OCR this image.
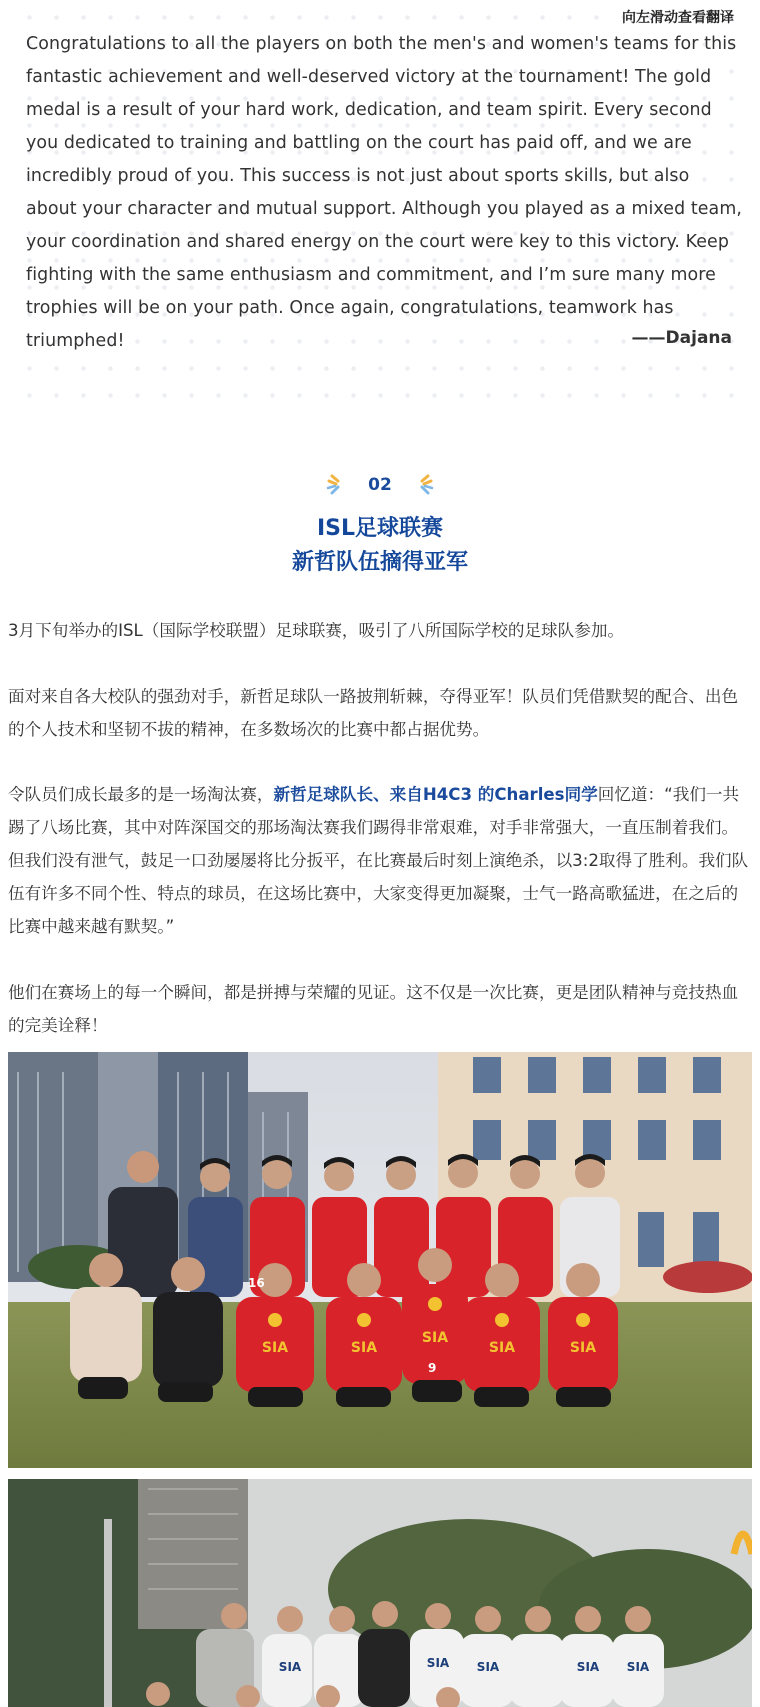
向左滑动查看翻译
Congratulations to all the players on both the men's and women's teams for this fantastic achievement and well-deserved victory at the tournament! The gold medal is a result of your hard work, dedication, and team spirit. Every second you dedicated to training and battling on the court has paid off, and we are incredibly proud of you. This success is not just about sports skills, but also about your character and mutual support. Although you played as a mixed team, your coordination and shared energy on the court were key to this victory. Keep fighting with the same enthusiasm and commitment, and I’m sure many more trophies will be on your path. Once again, congratulations, teamwork has triumphed!	——Dajana
02
ISL足球联赛
新哲队伍摘得亚军
3月下旬举办的ISL（国际学校联盟）足球联赛，吸引了八所国际学校的足球队参加。
面对来自各大校队的强劲对手，新哲足球队一路披荆斩棘，夺得亚军！队员们凭借默契的配合、出色的个人技术和坚韧不拔的精神，在多数场次的比赛中都占据优势。
令队员们成长最多的是一场淘汰赛，新哲足球队长、来自H4C3 的Charles同学回忆道：“我们一共踢了八场比赛，其中对阵深国交的那场淘汰赛我们踢得非常艰难，对手非常强大，一直压制着我们。但我们没有泄气，鼓足一口劲屡屡将比分扳平，在比赛最后时刻上演绝杀，以3:2取得了胜利。我们队伍有许多不同个性、特点的球员，在这场比赛中，大家变得更加凝聚，士气一路高歌猛进，在之后的比赛中越来越有默契。”
他们在赛场上的每一个瞬间，都是拼搏与荣耀的见证。这不仅是一次比赛，更是团队精神与竞技热血的完美诠释！
SIA	SIA
SIA
SIA	SIA
16
9
SIA	SIA SIA	SIA SIA
